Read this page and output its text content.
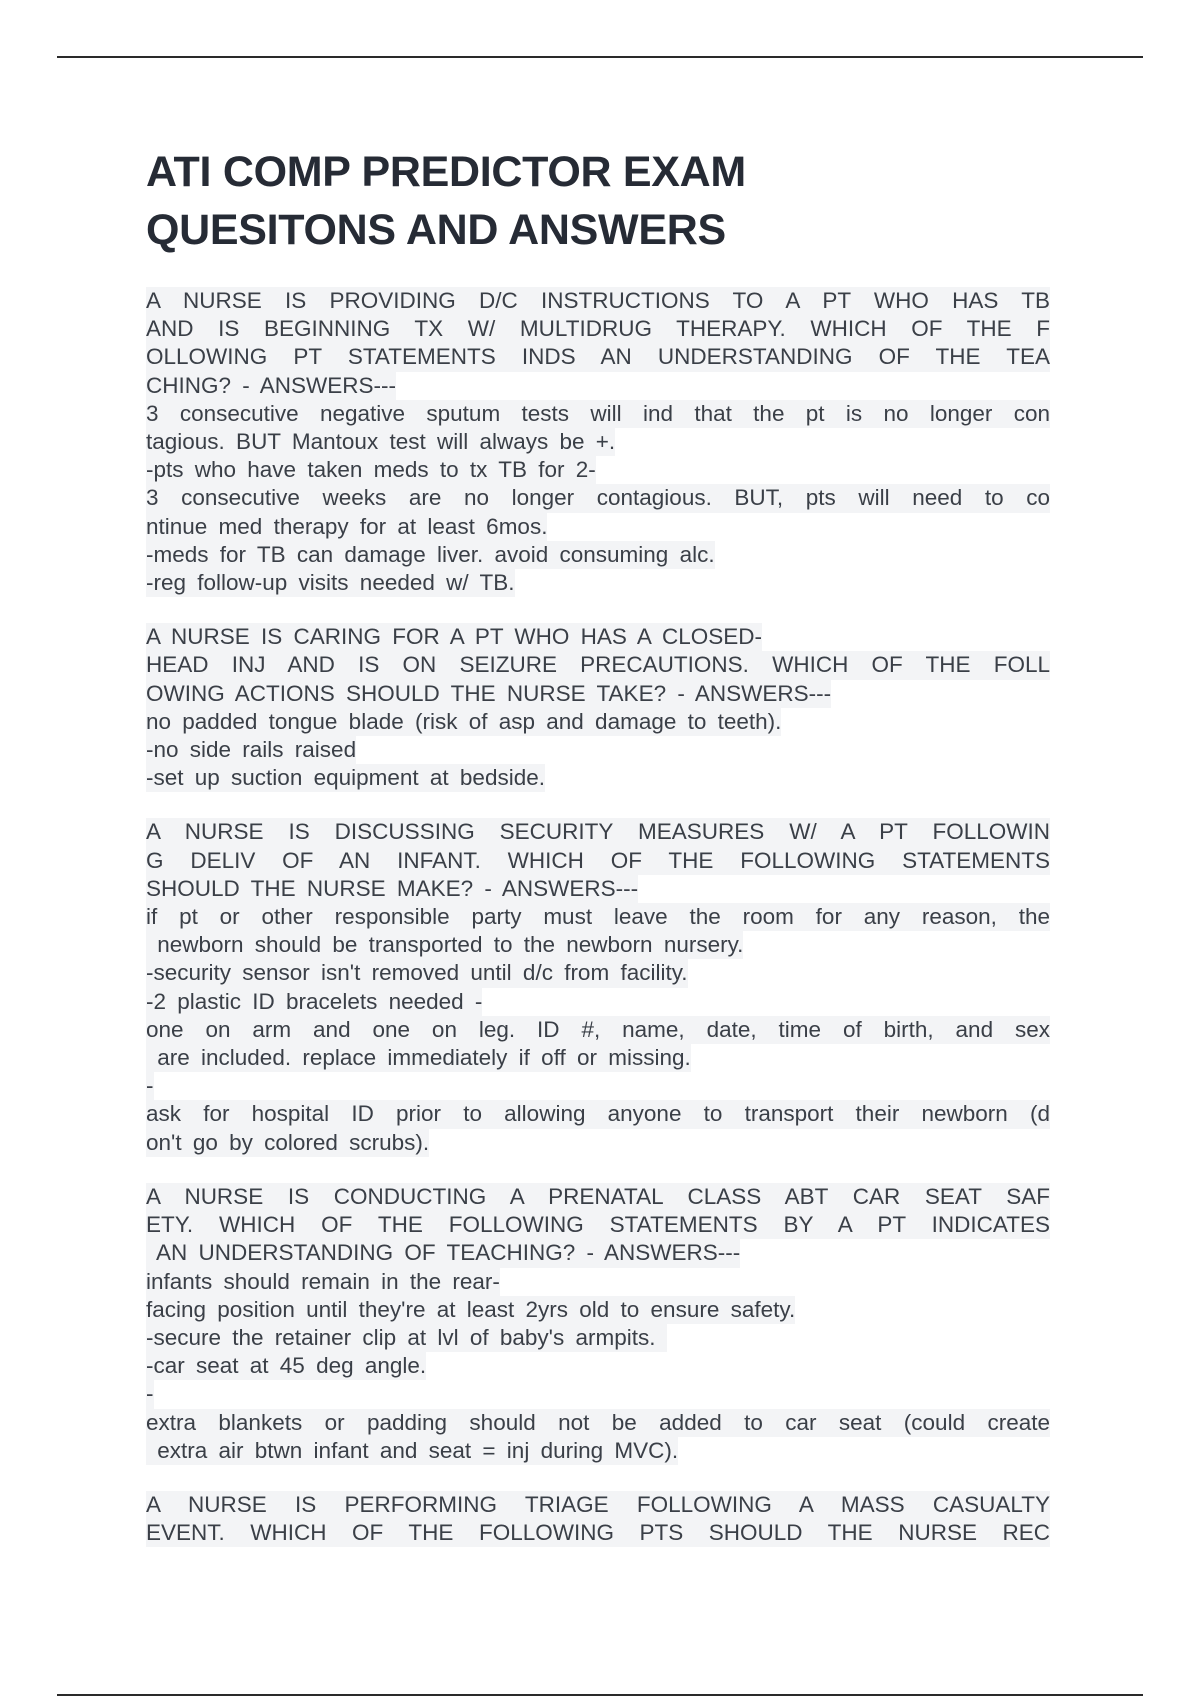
ATI COMP PREDICTOR EXAM
QUESITONS AND ANSWERS
A NURSE IS PROVIDING D/C INSTRUCTIONS TO A PT WHO HAS TB
AND IS BEGINNING TX W/ MULTIDRUG THERAPY. WHICH OF THE F
OLLOWING PT STATEMENTS INDS AN UNDERSTANDING OF THE TEA
CHING? - ANSWERS---
3 consecutive negative sputum tests will ind that the pt is no longer con
tagious. BUT Mantoux test will always be +.
-pts who have taken meds to tx TB for 2-
3 consecutive weeks are no longer contagious. BUT, pts will need to co
ntinue med therapy for at least 6mos.
-meds for TB can damage liver. avoid consuming alc.
-reg follow-up visits needed w/ TB.
A NURSE IS CARING FOR A PT WHO HAS A CLOSED-
HEAD INJ AND IS ON SEIZURE PRECAUTIONS. WHICH OF THE FOLL
OWING ACTIONS SHOULD THE NURSE TAKE? - ANSWERS---
no padded tongue blade (risk of asp and damage to teeth).
-no side rails raised
-set up suction equipment at bedside.
A NURSE IS DISCUSSING SECURITY MEASURES W/ A PT FOLLOWIN
G DELIV OF AN INFANT. WHICH OF THE FOLLOWING STATEMENTS
SHOULD THE NURSE MAKE? - ANSWERS---
if pt or other responsible party must leave the room for any reason, the
newborn should be transported to the newborn nursery.
-security sensor isn't removed until d/c from facility.
-2 plastic ID bracelets needed -
one on arm and one on leg. ID #, name, date, time of birth, and sex
are included. replace immediately if off or missing.
-
ask for hospital ID prior to allowing anyone to transport their newborn (d
on't go by colored scrubs).
A NURSE IS CONDUCTING A PRENATAL CLASS ABT CAR SEAT SAF
ETY. WHICH OF THE FOLLOWING STATEMENTS BY A PT INDICATES
AN UNDERSTANDING OF TEACHING? - ANSWERS---
infants should remain in the rear-
facing position until they're at least 2yrs old to ensure safety.
-secure the retainer clip at lvl of baby's armpits.
-car seat at 45 deg angle.
-
extra blankets or padding should not be added to car seat (could create
extra air btwn infant and seat = inj during MVC).
A NURSE IS PERFORMING TRIAGE FOLLOWING A MASS CASUALTY
EVENT. WHICH OF THE FOLLOWING PTS SHOULD THE NURSE REC
